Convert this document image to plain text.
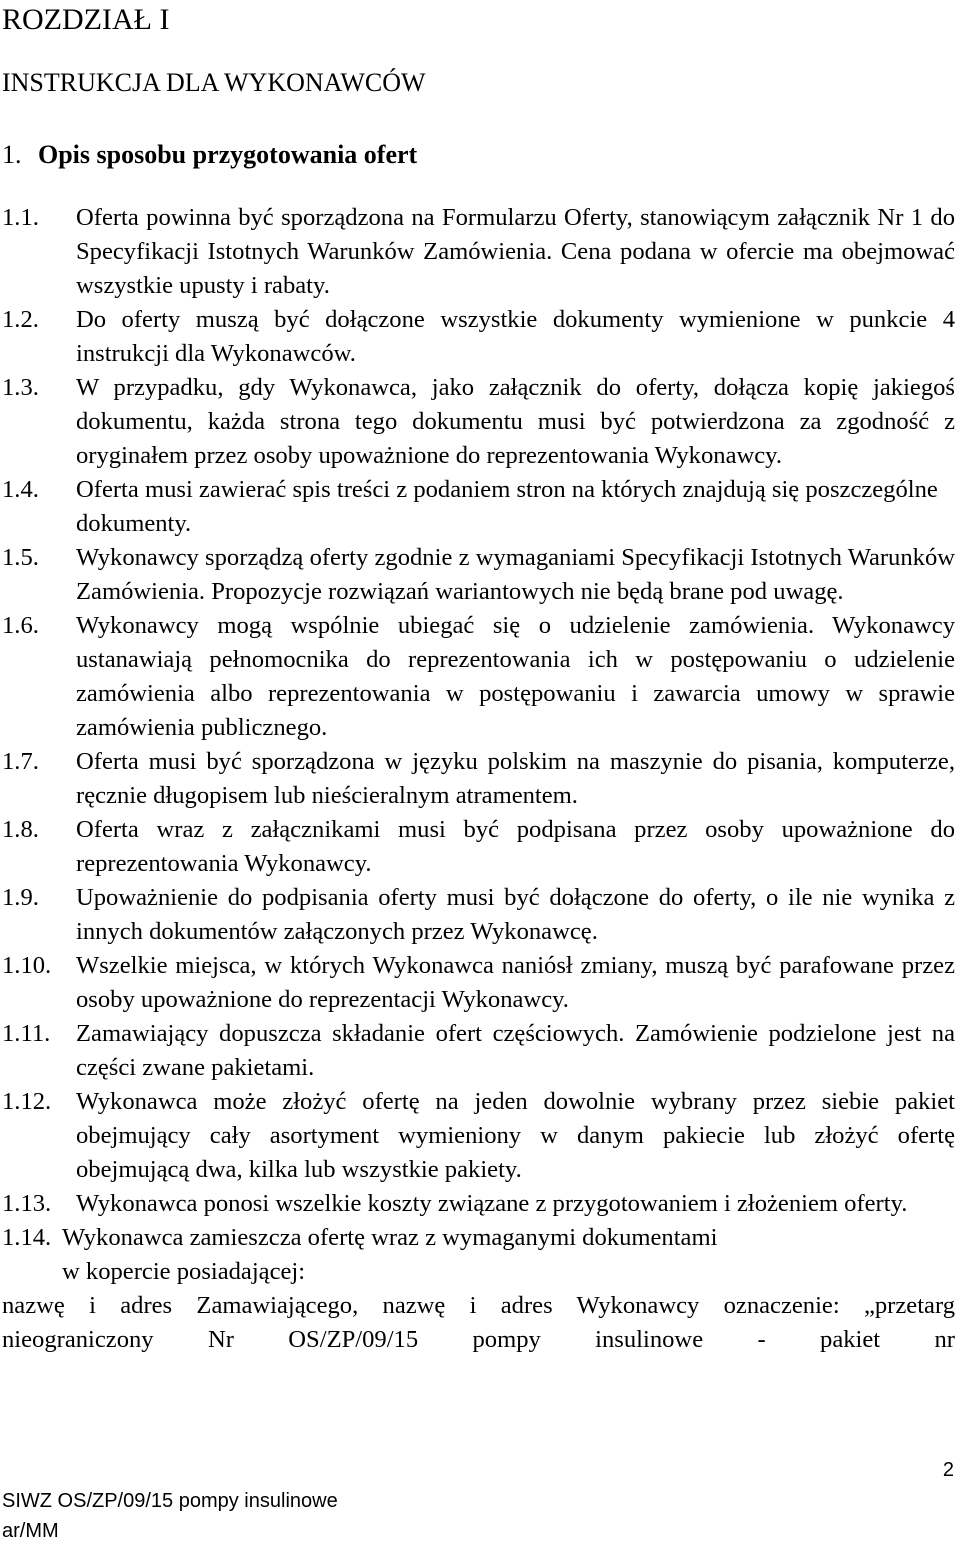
ROZDZIAŁ I
INSTRUKCJA DLA WYKONAWCÓW
1. Opis sposobu przygotowania ofert
1.1.	Oferta powinna być sporządzona na Formularzu Oferty, stanowiącym załącznik Nr 1 do Specyfikacji Istotnych Warunków Zamówienia. Cena podana w ofercie ma obejmować wszystkie upusty i rabaty.
1.2.	Do oferty muszą być dołączone wszystkie dokumenty wymienione w punkcie 4 instrukcji dla Wykonawców.
1.3.	W przypadku, gdy Wykonawca, jako załącznik do oferty, dołącza kopię jakiegoś dokumentu, każda strona tego dokumentu musi być potwierdzona za zgodność z oryginałem przez osoby upoważnione do reprezentowania Wykonawcy.
1.4.	Oferta musi zawierać spis treści z podaniem stron na których znajdują się poszczególne dokumenty.
1.5.	Wykonawcy sporządzą oferty zgodnie z wymaganiami Specyfikacji Istotnych Warunków Zamówienia. Propozycje rozwiązań wariantowych nie będą brane pod uwagę.
1.6.	Wykonawcy mogą wspólnie ubiegać się o udzielenie zamówienia. Wykonawcy ustanawiają pełnomocnika do reprezentowania ich w postępowaniu o udzielenie zamówienia albo reprezentowania w postępowaniu i zawarcia umowy w sprawie zamówienia publicznego.
1.7.	Oferta musi być sporządzona w języku polskim na maszynie do pisania, komputerze, ręcznie długopisem lub nieścieralnym atramentem.
1.8.	Oferta wraz z załącznikami musi być podpisana przez osoby upoważnione do reprezentowania Wykonawcy.
1.9.	Upoważnienie do podpisania oferty musi być dołączone do oferty, o ile nie wynika z innych dokumentów załączonych przez Wykonawcę.
1.10.	Wszelkie miejsca, w których Wykonawca naniósł zmiany, muszą być parafowane przez osoby upoważnione do reprezentacji Wykonawcy.
1.11.	Zamawiający dopuszcza składanie ofert częściowych. Zamówienie podzielone jest na części zwane pakietami.
1.12.	Wykonawca może złożyć ofertę na jeden dowolnie wybrany przez siebie pakiet obejmujący cały asortyment wymieniony w danym pakiecie lub złożyć ofertę obejmującą dwa, kilka lub wszystkie pakiety.
1.13.	Wykonawca ponosi wszelkie koszty związane z przygotowaniem i złożeniem oferty.
1.14. Wykonawca zamieszcza ofertę wraz z wymaganymi dokumentami
w kopercie posiadającej:
nazwę i adres Zamawiającego, nazwę i adres Wykonawcy oznaczenie: „przetarg
nieograniczony Nr OS/ZP/09/15 pompy insulinowe - pakiet nr
2
SIWZ OS/ZP/09/15 pompy insulinowe
ar/MM
